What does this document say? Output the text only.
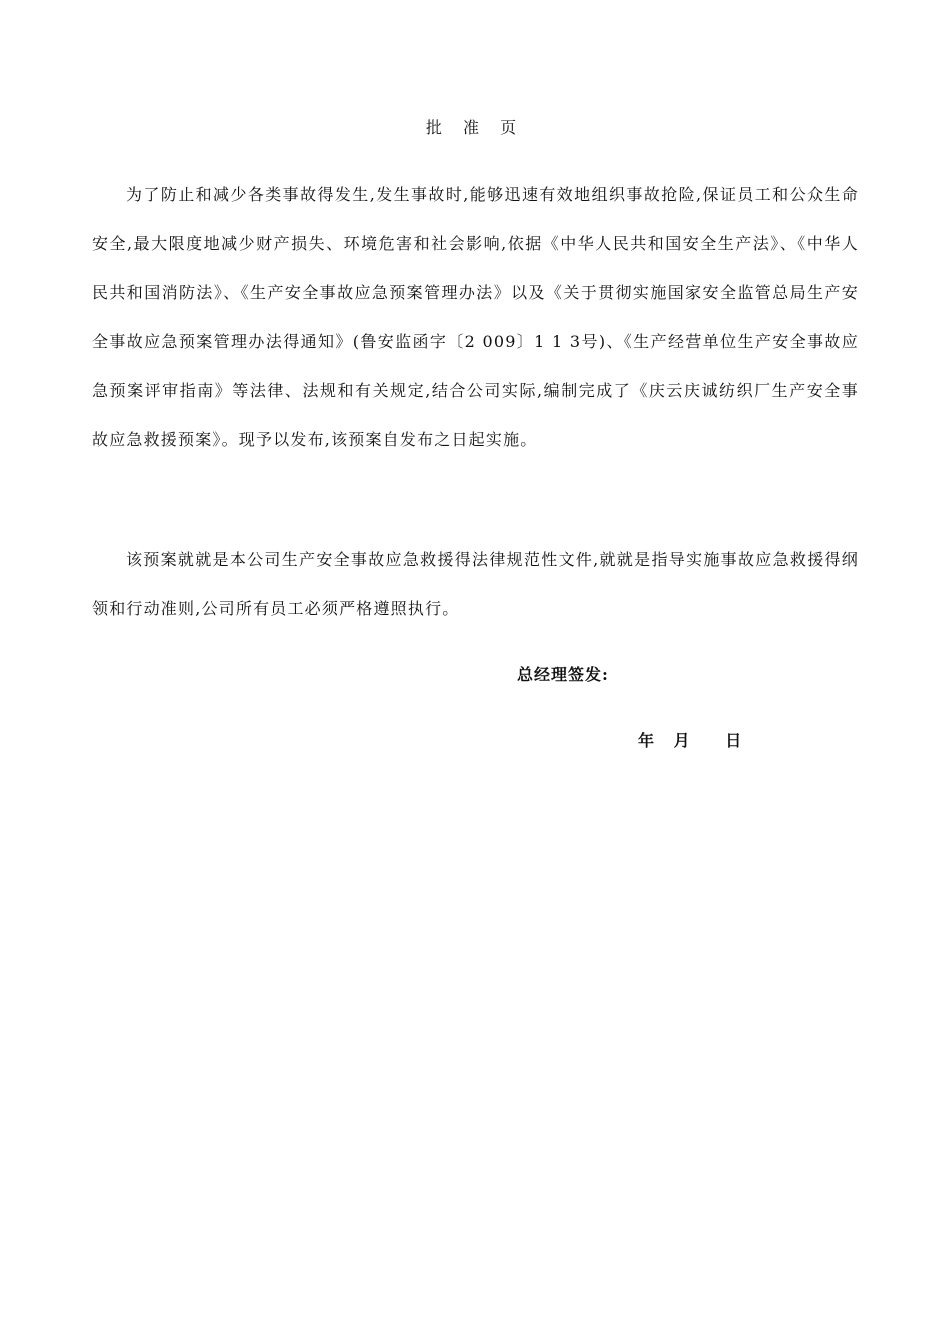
批 准 页

为了防止和减少各类事故得发生,发生事故时,能够迅速有效地组织事故抢险,保证员工和公众生命安全,最大限度地减少财产损失、环境危害和社会影响,依据《中华人民共和国安全生产法》、《中华人民共和国消防法》、《生产安全事故应急预案管理办法》以及《关于贯彻实施国家安全监管总局生产安全事故应急预案管理办法得通知》(鲁安监函字〔2 009〕1 1 3号)、《生产经营单位生产安全事故应急预案评审指南》等法律、法规和有关规定,结合公司实际,编制完成了《庆云庆诚纺织厂生产安全事故应急救援预案》。现予以发布,该预案自发布之日起实施。

该预案就就是本公司生产安全事故应急救援得法律规范性文件,就就是指导实施事故应急救援得纲领和行动准则,公司所有员工必须严格遵照执行。

总经理签发:
年 月 日
